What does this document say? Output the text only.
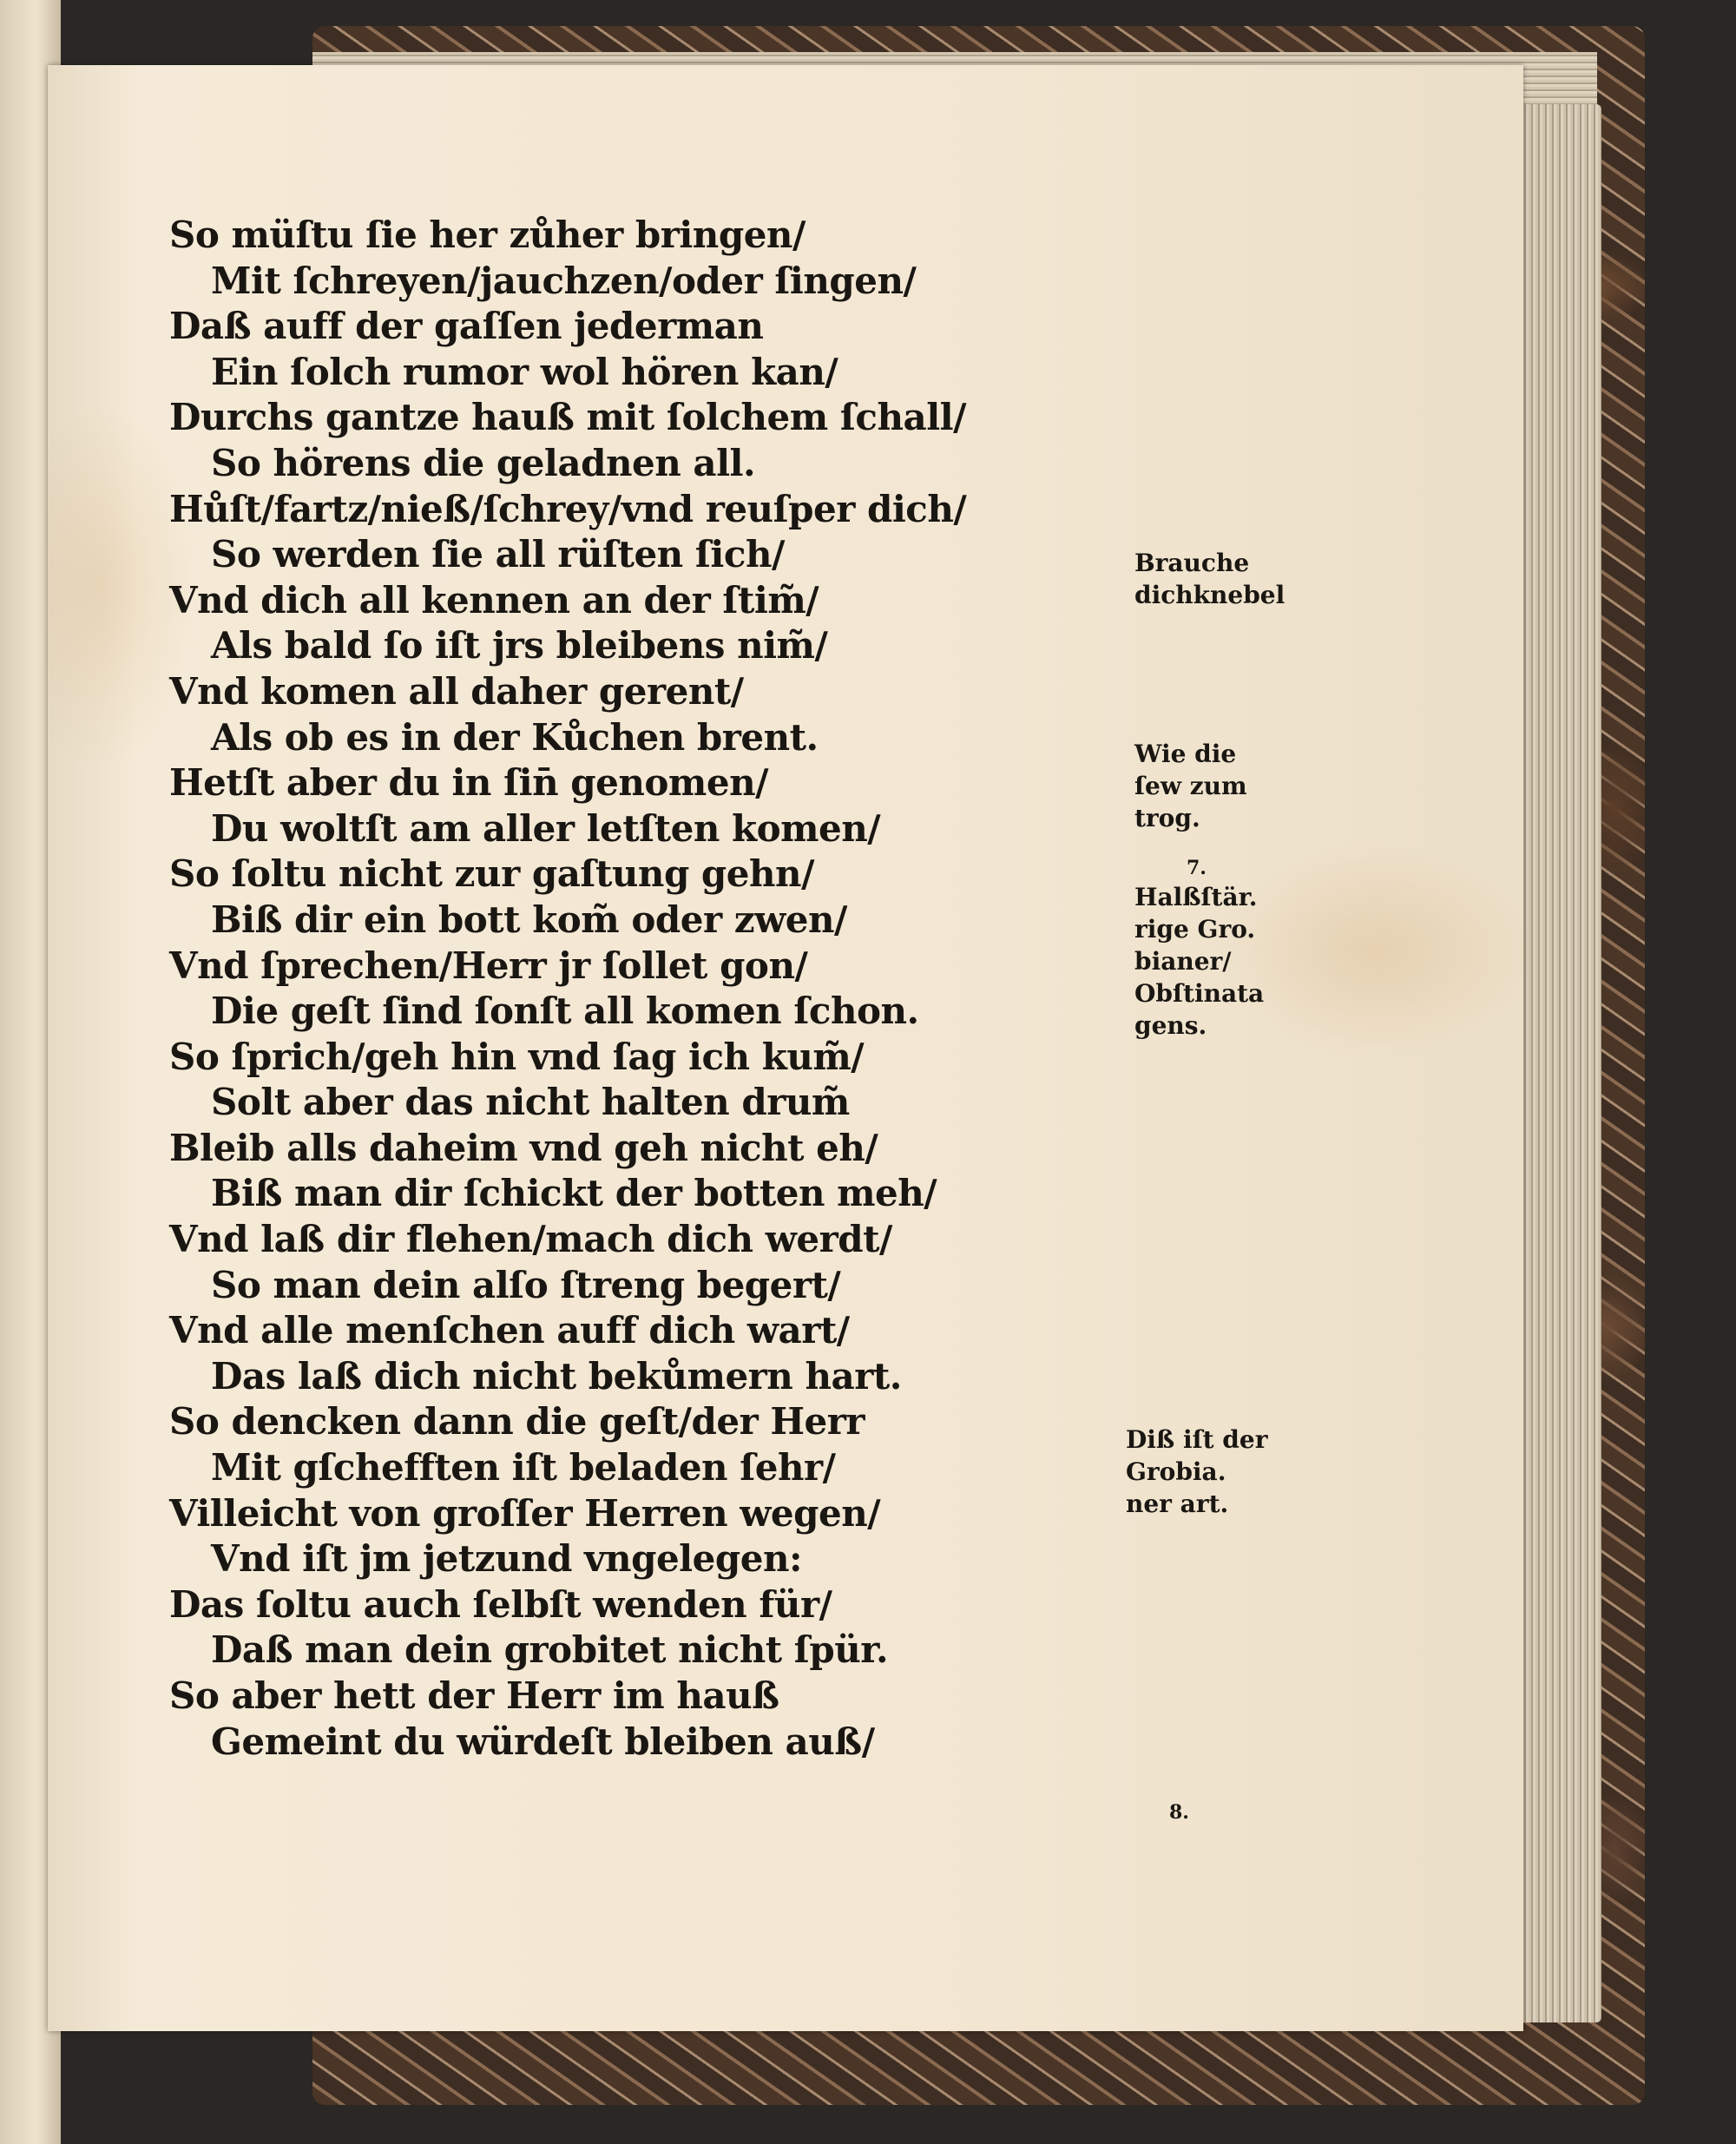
So müſtu ſie her zůher bringen/
Mit ſchreyen/jauchzen/oder ſingen/
Daß auff der gaſſen jederman
Ein ſolch rumor wol hören kan/
Durchs gantze hauß mit ſolchem ſchall/
So hörens die geladnen all.
Hůſt/fartz/nieß/ſchrey/vnd reuſper dich/
So werden ſie all rüſten ſich/
Vnd dich all kennen an der ſtim̃/
Als bald ſo iſt jrs bleibens nim̃/
Vnd komen all daher gerent/
Als ob es in der Kůchen brent.
Hetſt aber du in ſin̄ genomen/
Du woltſt am aller letſten komen/
So ſoltu nicht zur gaſtung gehn/
Biß dir ein bott kom̃ oder zwen/
Vnd ſprechen/Herr jr ſollet gon/
Die geſt ſind ſonſt all komen ſchon.
So ſprich/geh hin vnd ſag ich kum̃/
Solt aber das nicht halten drum̃
Bleib alls daheim vnd geh nicht eh/
Biß man dir ſchickt der botten meh/
Vnd laß dir flehen/mach dich werdt/
So man dein alſo ſtreng begert/
Vnd alle menſchen auff dich wart/
Das laß dich nicht bekůmern hart.
So dencken dann die geſt/der Herr
Mit gſchefften iſt beladen ſehr/
Villeicht von groſſer Herren wegen/
Vnd iſt jm jetzund vngelegen:
Das ſoltu auch ſelbſt wenden für/
Daß man dein grobitet nicht ſpür.
So aber hett der Herr im hauß
Gemeint du würdeſt bleiben auß/
Brauche
dichknebel
Wie die
ſew zum
trog.
7.
Halßſtär.
rige Gro.
bianer/
Obſtinata
gens.
Diß iſt der
Grobia.
ner art.
8.
